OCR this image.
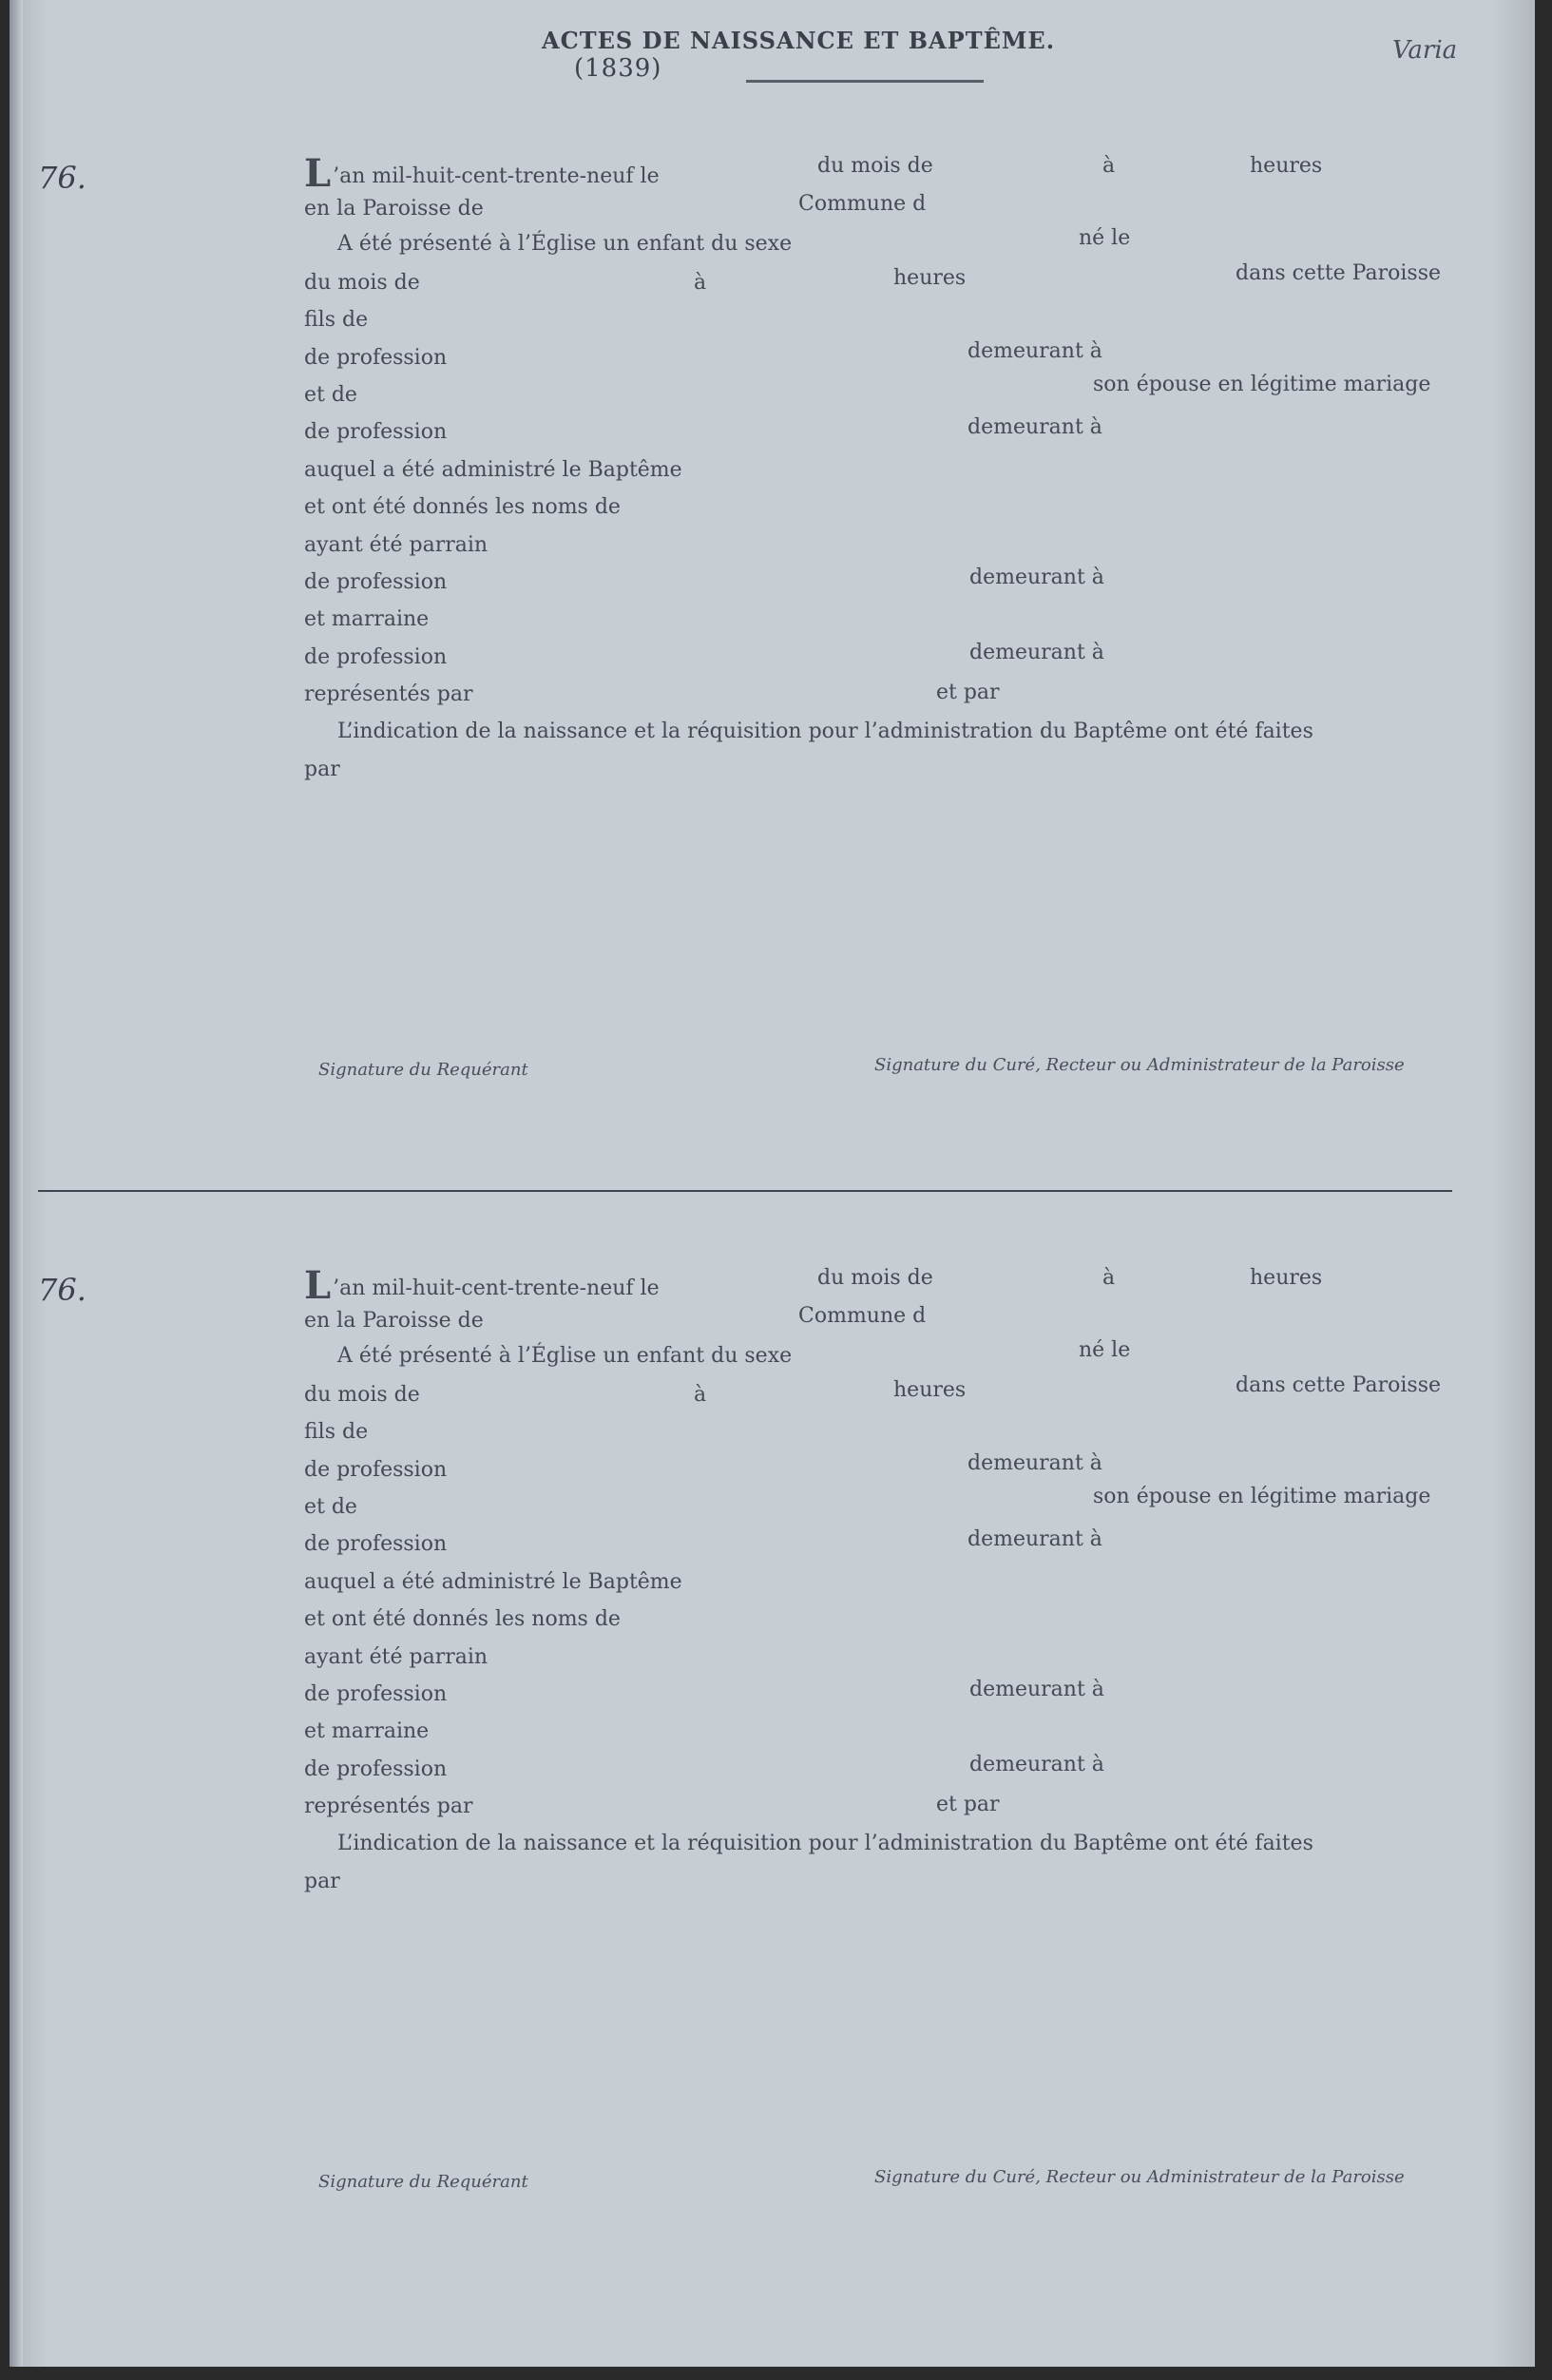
ACTES DE NAISSANCE ET BAPTÊME. (1839)
Varia
76.	L’an mil-huit-cent-trente-neuf le	du mois de	à	heures
en la Paroisse de	Commune d
A été présenté à l’Église un enfant du sexe	né le
du mois de	à	heures	dans cette Paroisse
fils de
de profession	demeurant à
et de	son épouse en légitime mariage
de profession	demeurant à
auquel a été administré le Baptême
et ont été donnés les noms de
ayant été parrain
de profession	demeurant à
et marraine
de profession	demeurant à
représentés par	et par
L’indication de la naissance et la réquisition pour l’administration du Baptême ont été faites
par
Signature du Requérant	Signature du Curé, Recteur ou Administrateur de la Paroisse
76.	L’an mil-huit-cent-trente-neuf le	du mois de	à	heures
en la Paroisse de	Commune d
A été présenté à l’Église un enfant du sexe	né le
du mois de	à	heures	dans cette Paroisse
fils de
de profession	demeurant à
et de	son épouse en légitime mariage
de profession	demeurant à
auquel a été administré le Baptême
et ont été donnés les noms de
ayant été parrain
de profession	demeurant à
et marraine
de profession	demeurant à
représentés par	et par
L’indication de la naissance et la réquisition pour l’administration du Baptême ont été faites
par
Signature du Requérant	Signature du Curé, Recteur ou Administrateur de la Paroisse
